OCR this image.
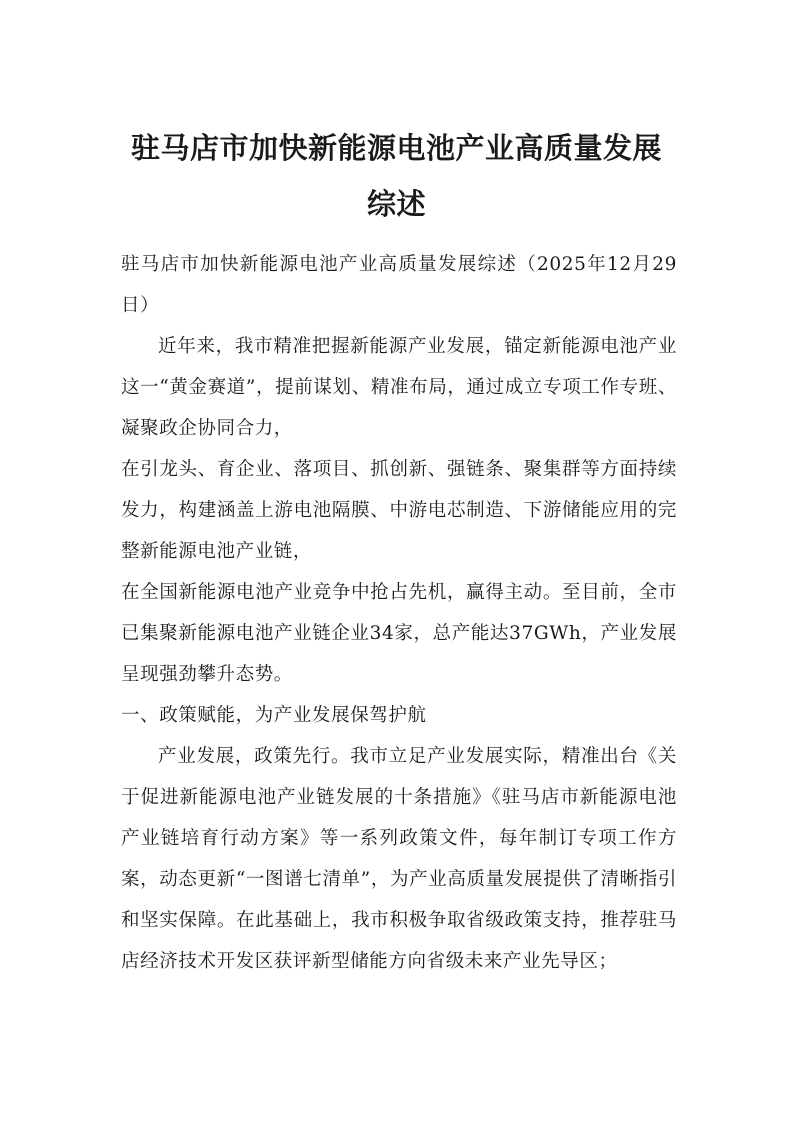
驻马店市加快新能源电池产业高质量发展
综述

驻马店市加快新能源电池产业高质量发展综述（2025年12月29日）

近年来，我市精准把握新能源产业发展，锚定新能源电池产业这一“黄金赛道”，提前谋划、精准布局，通过成立专项工作专班、凝聚政企协同合力，

在引龙头、育企业、落项目、抓创新、强链条、聚集群等方面持续发力，构建涵盖上游电池隔膜、中游电芯制造、下游储能应用的完整新能源电池产业链，

在全国新能源电池产业竞争中抢占先机，赢得主动。至目前，全市已集聚新能源电池产业链企业34家，总产能达37GWh，产业发展呈现强劲攀升态势。

一、政策赋能，为产业发展保驾护航

产业发展，政策先行。我市立足产业发展实际，精准出台《关于促进新能源电池产业链发展的十条措施》《驻马店市新能源电池产业链培育行动方案》等一系列政策文件，每年制订专项工作方案，动态更新“一图谱七清单”，为产业高质量发展提供了清晰指引和坚实保障。在此基础上，我市积极争取省级政策支持，推荐驻马店经济技术开发区获评新型储能方向省级未来产业先导区；
